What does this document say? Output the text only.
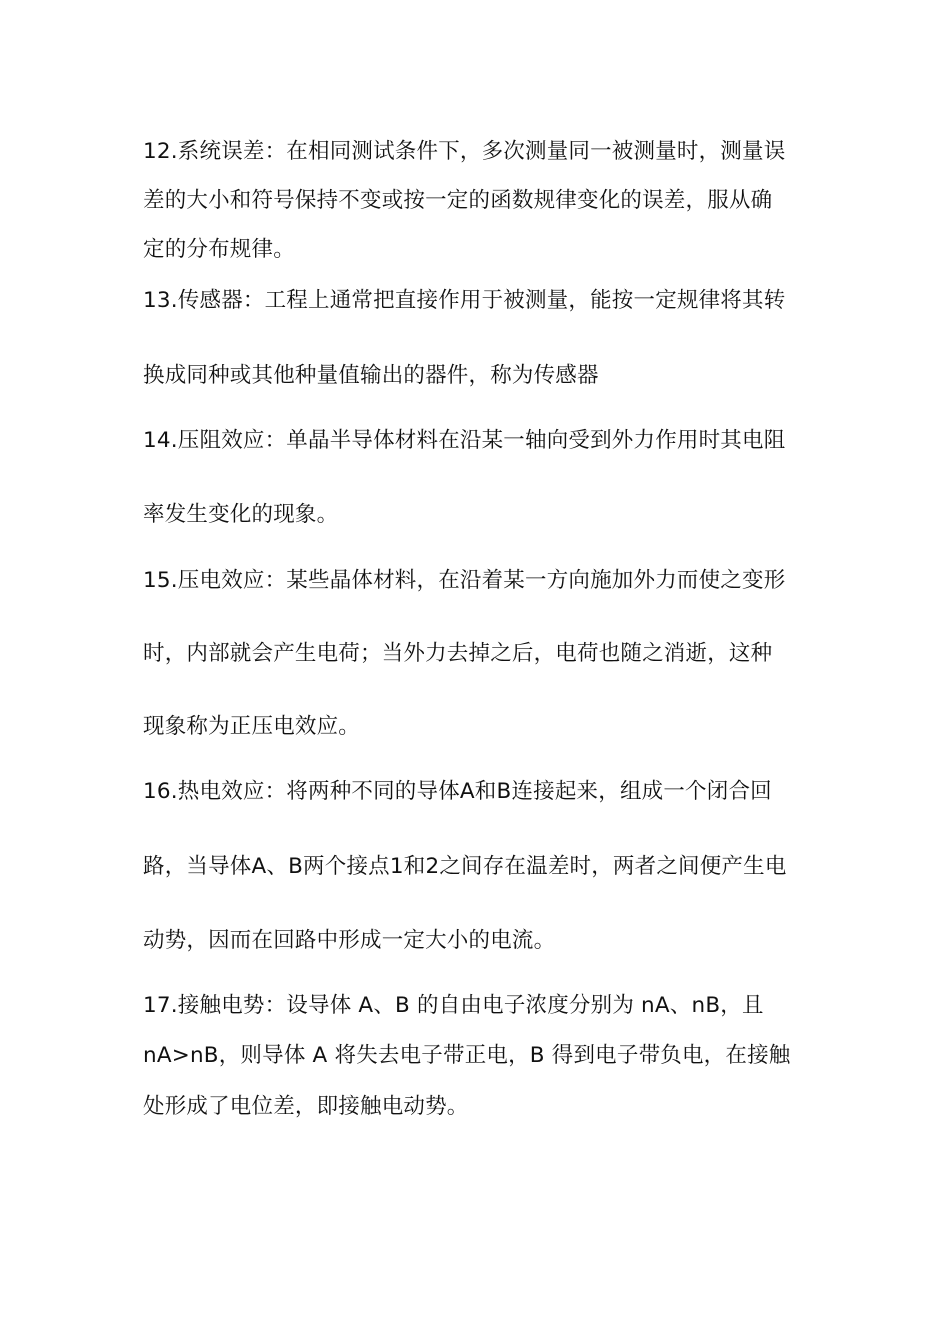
12.系统误差：在相同测试条件下，多次测量同一被测量时，测量误
差的大小和符号保持不变或按一定的函数规律变化的误差，服从确
定的分布规律。
13.传感器：工程上通常把直接作用于被测量，能按一定规律将其转
换成同种或其他种量值输出的器件，称为传感器
14.压阻效应：单晶半导体材料在沿某一轴向受到外力作用时其电阻
率发生变化的现象。
15.压电效应：某些晶体材料，在沿着某一方向施加外力而使之变形
时，内部就会产生电荷；当外力去掉之后，电荷也随之消逝，这种
现象称为正压电效应。
16.热电效应：将两种不同的导体A和B连接起来，组成一个闭合回
路，当导体A、B两个接点1和2之间存在温差时，两者之间便产生电
动势，因而在回路中形成一定大小的电流。
17.接触电势：设导体 A、B 的自由电子浓度分别为 nA、nB，且
nA>nB，则导体 A 将失去电子带正电，B 得到电子带负电，在接触
处形成了电位差，即接触电动势。
